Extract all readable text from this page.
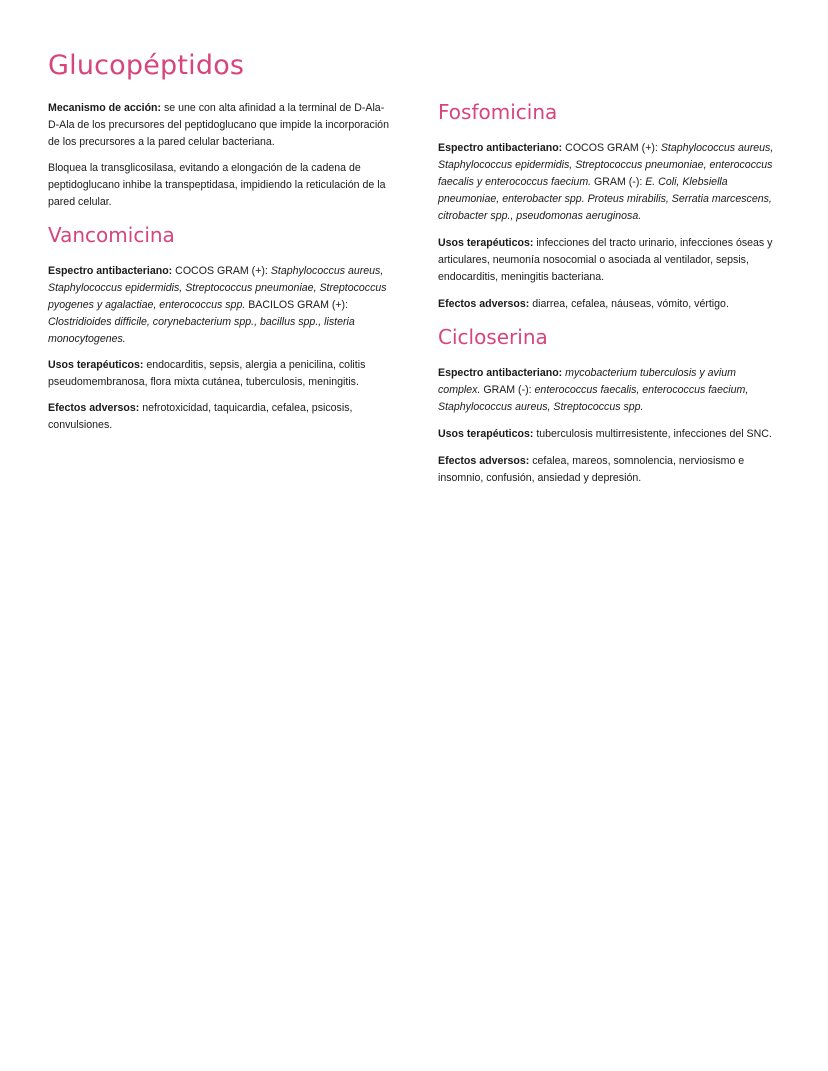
Glucopéptidos

Mecanismo de acción: se une con alta afinidad a la terminal de D-Ala-D-Ala de los precursores del peptidoglucano que impide la incorporación de los precursores a la pared celular bacteriana.

Bloquea la transglicosilasa, evitando a elongación de la cadena de peptidoglucano inhibe la transpeptidasa, impidiendo la reticulación de la pared celular.

Vancomicina

Espectro antibacteriano: COCOS GRAM (+): Staphylococcus aureus, Staphylococcus epidermidis, Streptococcus pneumoniae, Streptococcus pyogenes y agalactiae, enterococcus spp. BACILOS GRAM (+): Clostridioides difficile, corynebacterium spp., bacillus spp., listeria monocytogenes.

Usos terapéuticos: endocarditis, sepsis, alergia a penicilina, colitis pseudomembranosa, flora mixta cutánea, tuberculosis, meningitis.

Efectos adversos: nefrotoxicidad, taquicardia, cefalea, psicosis, convulsiones.

Fosfomicina

Espectro antibacteriano: COCOS GRAM (+): Staphylococcus aureus, Staphylococcus epidermidis, Streptococcus pneumoniae, enterococcus faecalis y enterococcus faecium. GRAM (-): E. Coli, Klebsiella pneumoniae, enterobacter spp. Proteus mirabilis, Serratia marcescens, citrobacter spp., pseudomonas aeruginosa.

Usos terapéuticos: infecciones del tracto urinario, infecciones óseas y articulares, neumonía nosocomial o asociada al ventilador, sepsis, endocarditis, meningitis bacteriana.

Efectos adversos: diarrea, cefalea, náuseas, vómito, vértigo.

Cicloserina

Espectro antibacteriano: mycobacterium tuberculosis y avium complex. GRAM (-): enterococcus faecalis, enterococcus faecium, Staphylococcus aureus, Streptococcus spp.

Usos terapéuticos: tuberculosis multirresistente, infecciones del SNC.

Efectos adversos: cefalea, mareos, somnolencia, nerviosismo e insomnio, confusión, ansiedad y depresión.
